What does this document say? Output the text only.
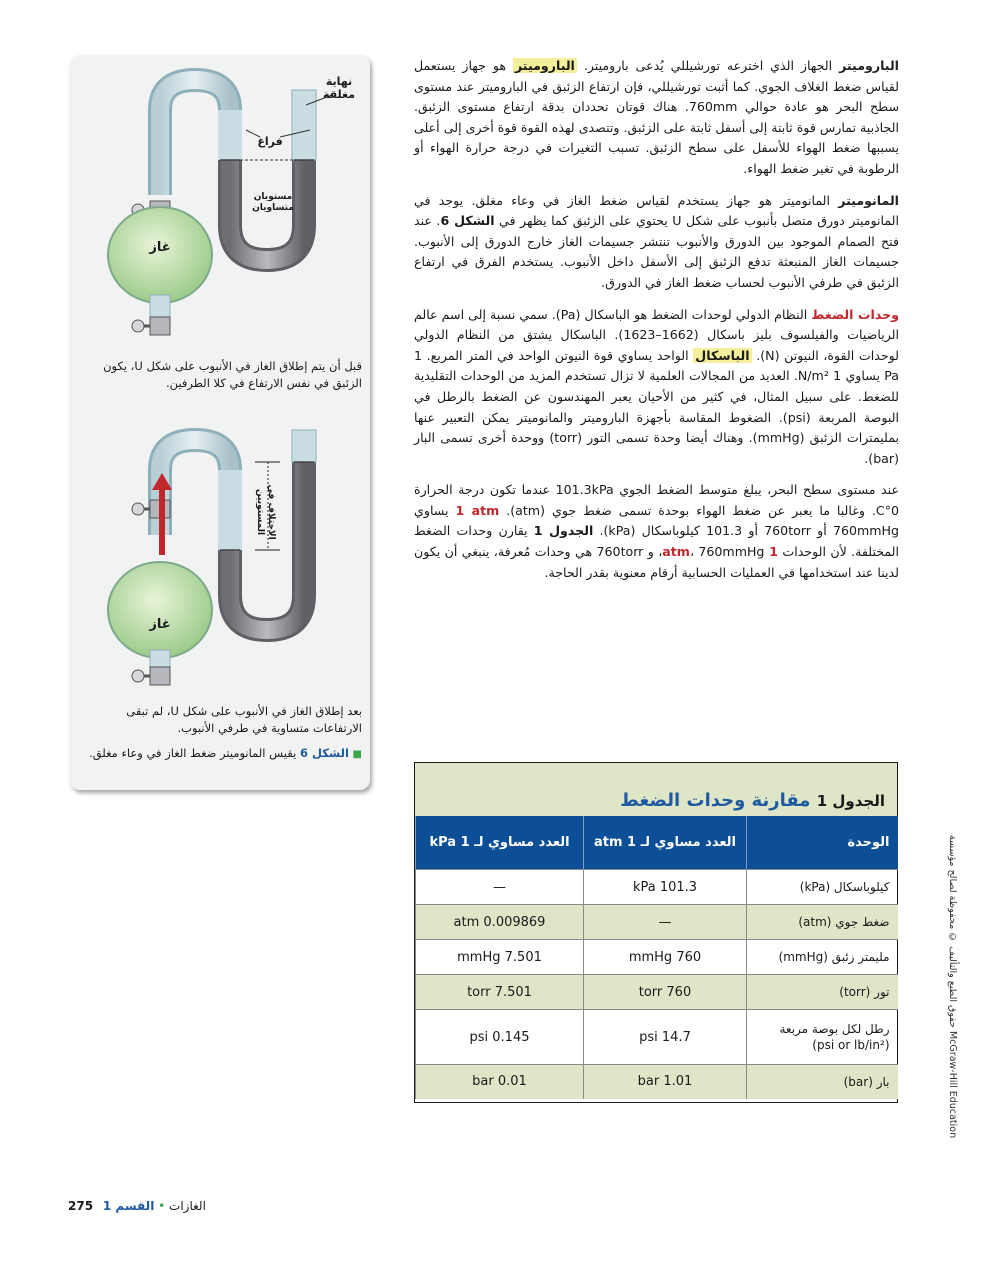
الباروميتر الجهاز الذي اخترعه تورشيللي يُدعى باروميتر. الباروميتر هو جهاز يستعمل لقياس ضغط الغلاف الجوي. كما أثبت تورشيللي، فإن ارتفاع الزئبق في الباروميتر عند مستوى سطح البحر هو عادة حوالي 760mm. هناك قوتان تحددان بدقة ارتفاع مستوى الزئبق. الجاذبية تمارس قوة ثابتة إلى أسفل ثابتة على الزئبق. وتتصدى لهذه القوة قوة أخرى إلى أعلى يسببها ضغط الهواء للأسفل على سطح الزئبق. تسبب التغيرات في درجة حرارة الهواء أو الرطوبة في تغير ضغط الهواء.

المانوميتر المانوميتر هو جهاز يستخدم لقياس ضغط الغاز في وعاء مغلق. يوجد في المانوميتر دورق متصل بأنبوب على شكل U يحتوي على الزئبق كما يظهر في الشكل 6. عند فتح الصمام الموجود بين الدورق والأنبوب تنتشر جسيمات الغاز خارج الدورق إلى الأنبوب. جسيمات الغاز المنبعثة تدفع الزئبق إلى الأسفل داخل الأنبوب. يستخدم الفرق في ارتفاع الزئبق في طرفي الأنبوب لحساب ضغط الغاز في الدورق.

وحدات الضغط النظام الدولي لوحدات الضغط هو الباسكال (Pa). سمي نسبة إلى اسم عالم الرياضيات والفيلسوف بليز باسكال (1662–1623). الباسكال يشتق من النظام الدولي لوحدات القوة، النيوتن (N). الباسكال الواحد يساوي قوة النيوتن الواحد في المتر المربع. 1 Pa يساوي 1 N/m². العديد من المجالات العلمية لا تزال تستخدم المزيد من الوحدات التقليدية للضغط. على سبيل المثال، في كثير من الأحيان يعبر المهندسون عن الضغط بالرطل في البوصة المربعة (psi). الضغوط المقاسة بأجهزة الباروميتر والمانوميتر يمكن التعبير عنها بمليمترات الزئبق (mmHg). وهناك أيضا وحدة تسمى التور (torr) ووحدة أخرى تسمى البار (bar).

عند مستوى سطح البحر، يبلغ متوسط الضغط الجوي 101.3kPa عندما تكون درجة الحرارة 0°C. وغالبا ما يعبر عن ضغط الهواء بوحدة تسمى ضغط جوي (atm). 1 atm يساوي 760mmHg أو 760torr أو 101.3 كيلوباسكال (kPa). الجدول 1 يقارن وحدات الضغط المختلفة. لأن الوحدات 1 atm، 760mmHg، و 760torr هي وحدات مُعرفة، ينبغي أن يكون لدينا عند استخدامها في العمليات الحسابية أرقام معنوية بقدر الحاجة.

نهاية مغلقة
فراغ
مستويان متساويان
غاز
غاز
الاختلاف في المستويين
قبل أن يتم إطلاق الغاز في الأنبوب على شكل U، يكون الزئبق في نفس الارتفاع في كلا الطرفين.
بعد إطلاق الغاز في الأنبوب على شكل U، لم تبقى الارتفاعات متساوية في طرفي الأنبوب.
■ الشكل 6 يقيس المانوميتر ضغط الغاز في وعاء مغلق.
الجدول 1 مقارنة وحدات الضغط
الوحدة	العدد مساوي لـ 1 atm	العدد مساوي لـ 1 kPa
كيلوباسكال (kPa)	101.3 kPa	—
ضغط جوي (atm)	—	0.009869 atm
مليمتر زئبق (mmHg)	760 mmHg	7.501 mmHg
تور (torr)	760 torr	7.501 torr
رطل لكل بوصة مربعة (psi or lb/in²)	14.7 psi	0.145 psi
بار (bar)	1.01 bar	0.01 bar
حقوق الطبع والتأليف © محفوظة لصالح مؤسسة McGraw-Hill Education
275	الغازات • القسم 1
